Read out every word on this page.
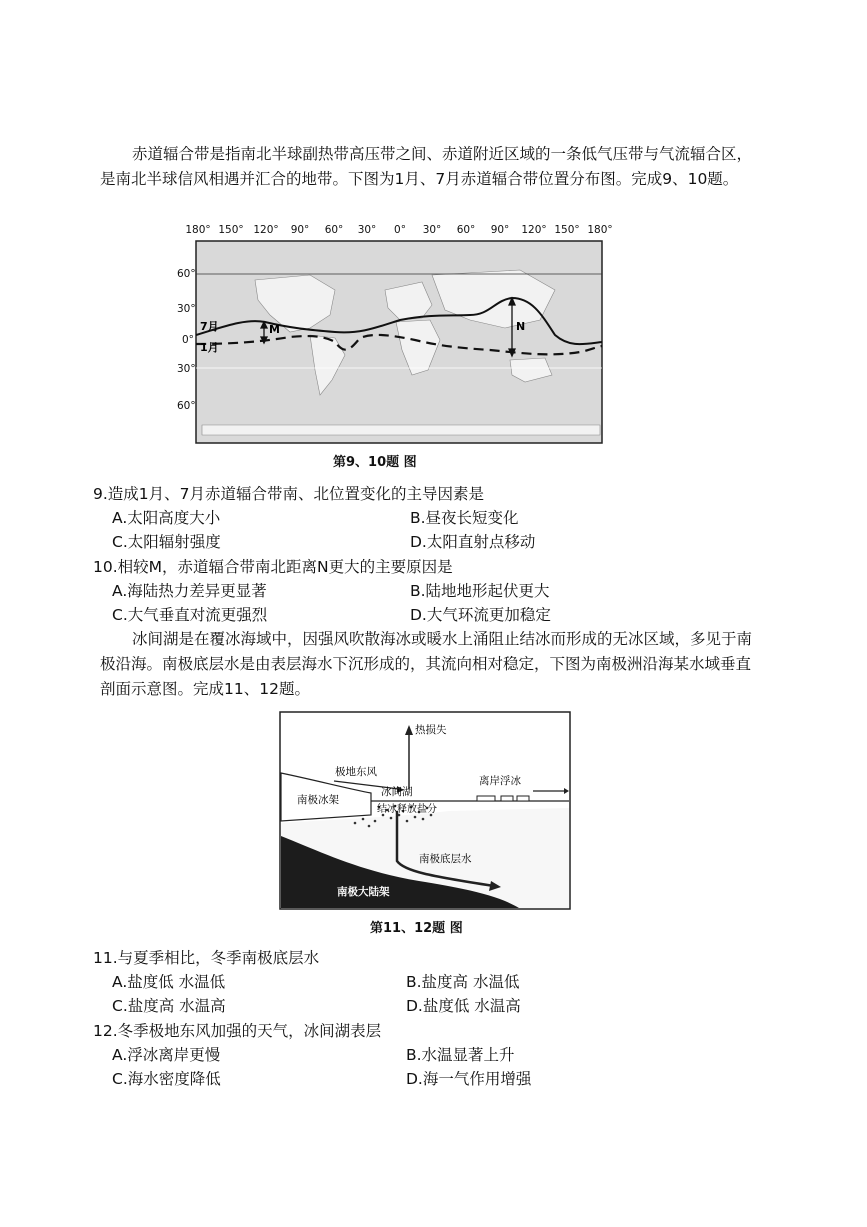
赤道辐合带是指南北半球副热带高压带之间、赤道附近区域的一条低气压带与气流辐合区，是南北半球信风相遇并汇合的地带。下图为1月、7月赤道辐合带位置分布图。完成9、10题。
180° 150° 120° 90° 60° 30° 0° 30° 60° 90° 120° 150° 180°
60°
30°
0°
30°
60°
M	N
7月
1月
第9、10题 图
9.造成1月、7月赤道辐合带南、北位置变化的主导因素是
A.太阳高度大小	B.昼夜长短变化
C.太阳辐射强度	D.太阳直射点移动
10.相较M，赤道辐合带南北距离N更大的主要原因是
A.海陆热力差异更显著	B.陆地地形起伏更大
C.大气垂直对流更强烈	D.大气环流更加稳定
冰间湖是在覆冰海域中，因强风吹散海冰或暖水上涌阻止结冰而形成的无冰区域，多见于南极沿海。南极底层水是由表层海水下沉形成的，其流向相对稳定，下图为南极洲沿海某水域垂直剖面示意图。完成11、12题。
热损失
极地东风
冰间湖
离岸浮冰
南极冰架
结冰释放盐分
南极底层水
南极大陆架
第11、12题 图
11.与夏季相比，冬季南极底层水
A.盐度低 水温低	B.盐度高 水温低
C.盐度高 水温高	D.盐度低 水温高
12.冬季极地东风加强的天气，冰间湖表层
A.浮冰离岸更慢	B.水温显著上升
C.海水密度降低	D.海一气作用增强
